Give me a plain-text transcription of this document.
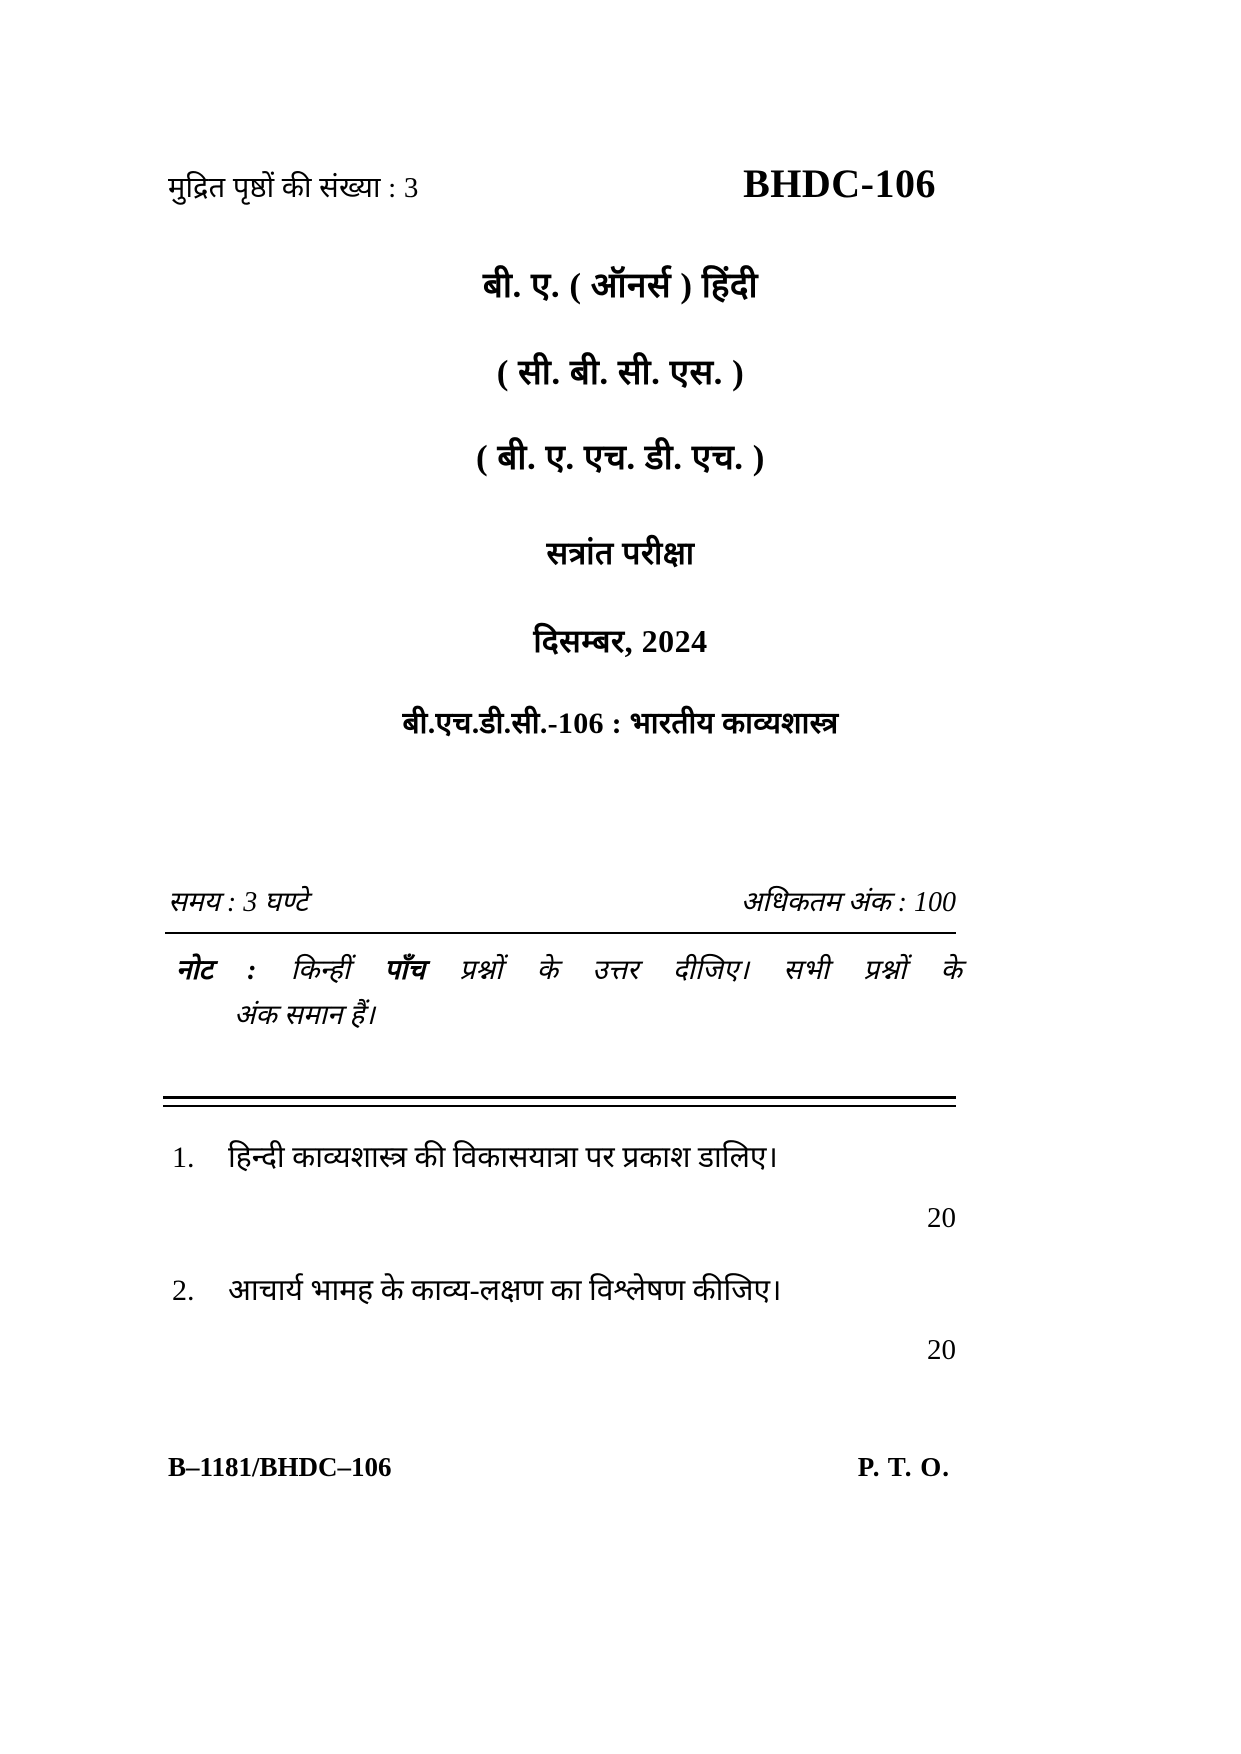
मुद्रित पृष्ठों की संख्या : 3	BHDC-106
बी. ए. ( ऑनर्स ) हिंदी
( सी. बी. सी. एस. )
( बी. ए. एच. डी. एच. )
सत्रांत परीक्षा
दिसम्बर, 2024
बी.एच.डी.सी.-106 : भारतीय काव्यशास्त्र
समय : 3 घण्टे	अधिकतम अंक : 100
नोट : किन्हीं पाँच प्रश्नों के उत्तर दीजिए। सभी प्रश्नों के
अंक समान हैं।
1.	हिन्दी काव्यशास्त्र की विकासयात्रा पर प्रकाश डालिए।
20
2.	आचार्य भामह के काव्य-लक्षण का विश्लेषण कीजिए।
20
B–1181/BHDC–106	P. T. O.
